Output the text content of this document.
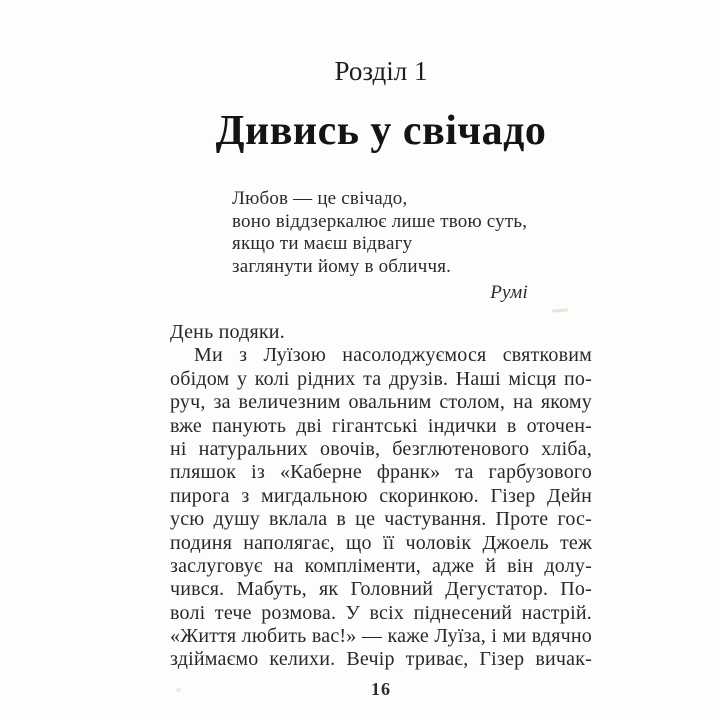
Розділ 1
Дивись у свічадо
Любов — це свічадо,
воно віддзеркалює лише твою суть,
якщо ти маєш відвагу
заглянути йому в обличчя.
Румі
День подяки.
Ми з Луїзою насолоджуємося святковим
обідом у колі рідних та друзів. Наші місця по-
руч, за величезним овальним столом, на якому
вже панують дві гігантські індички в оточен-
ні натуральних овочів, безглютенового хліба,
пляшок із «Каберне франк» та гарбузового
пирога з мигдальною скоринкою. Гізер Дейн
усю душу вклала в це частування. Проте гос-
подиня наполягає, що її чоловік Джоель теж
заслуговує на компліменти, адже й він долу-
чився. Мабуть, як Головний Дегустатор. По-
волі тече розмова. У всіх піднесений настрій.
«Життя любить вас!» — каже Луїза, і ми вдячно
здіймаємо келихи. Вечір триває, Гізер вичак-
16
